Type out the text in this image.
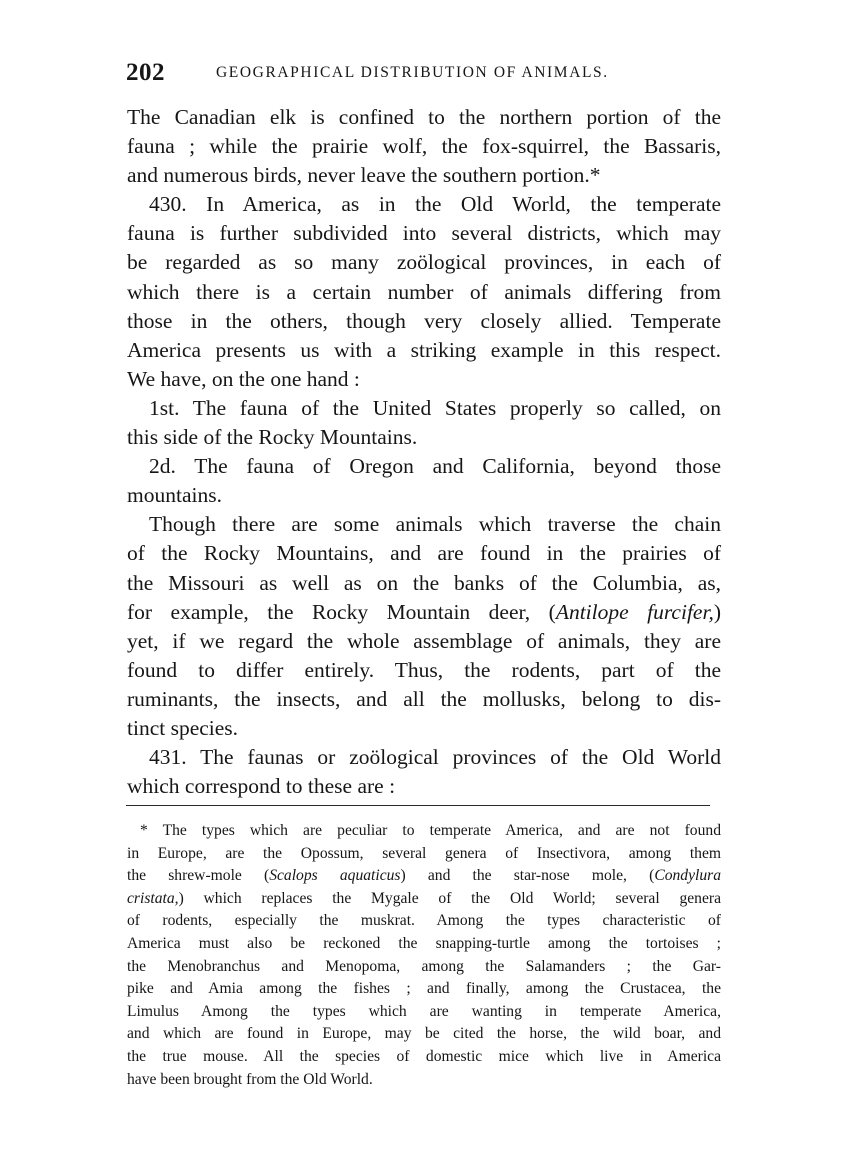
202	GEOGRAPHICAL DISTRIBUTION OF ANIMALS.
The Canadian elk is confined to the northern portion of the
fauna ; while the prairie wolf, the fox-squirrel, the Bassaris,
and numerous birds, never leave the southern portion.*
430. In America, as in the Old World, the temperate
fauna is further subdivided into several districts, which may
be regarded as so many zoölogical provinces, in each of
which there is a certain number of animals differing from
those in the others, though very closely allied. Temperate
America presents us with a striking example in this respect.
We have, on the one hand :
1st. The fauna of the United States properly so called, on
this side of the Rocky Mountains.
2d. The fauna of Oregon and California, beyond those
mountains.
Though there are some animals which traverse the chain
of the Rocky Mountains, and are found in the prairies of
the Missouri as well as on the banks of the Columbia, as,
for example, the Rocky Mountain deer, (Antilope furcifer,)
yet, if we regard the whole assemblage of animals, they are
found to differ entirely. Thus, the rodents, part of the
ruminants, the insects, and all the mollusks, belong to dis-
tinct species.
431. The faunas or zoölogical provinces of the Old World
which correspond to these are :
* The types which are peculiar to temperate America, and are not found
in Europe, are the Opossum, several genera of Insectivora, among them
the shrew-mole (Scalops aquaticus) and the star-nose mole, (Condylura
cristata,) which replaces the Mygale of the Old World; several genera
of rodents, especially the muskrat. Among the types characteristic of
America must also be reckoned the snapping-turtle among the tortoises ;
the Menobranchus and Menopoma, among the Salamanders ; the Gar-
pike and Amia among the fishes ; and finally, among the Crustacea, the
Limulus Among the types which are wanting in temperate America,
and which are found in Europe, may be cited the horse, the wild boar, and
the true mouse. All the species of domestic mice which live in America
have been brought from the Old World.
